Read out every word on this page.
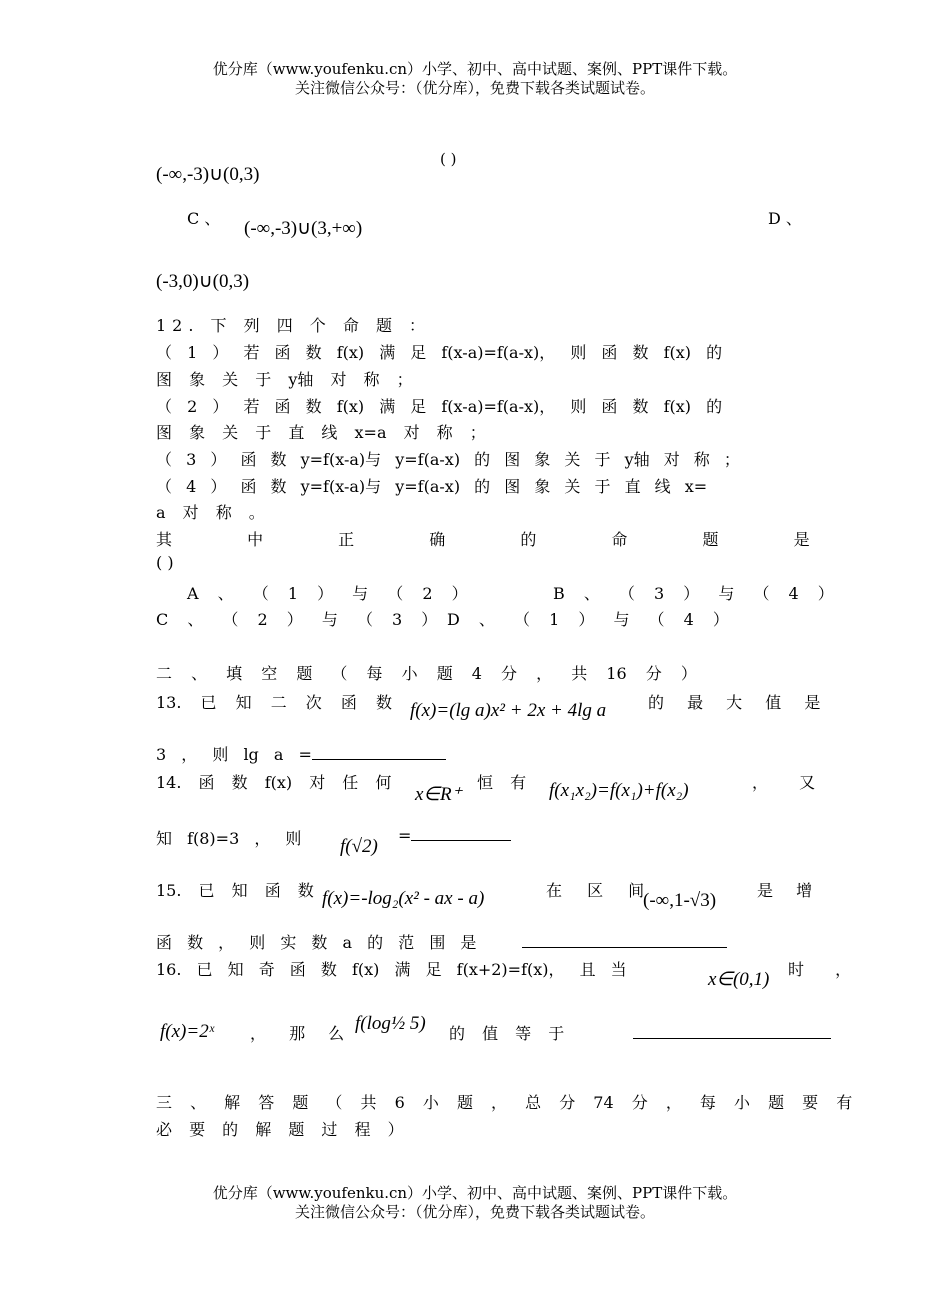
优分库（www.youfenku.cn）小学、初中、高中试题、案例、PPT课件下载。
关注微信公众号：（优分库），免费下载各类试题试卷。
( )
(-∞,-3)∪(0,3)
C 、 (-∞,-3)∪(3,+∞)	D 、
(-3,0)∪(0,3)
12. 下 列 四 个 命 题 ：
（ 1 ） 若 函 数 f(x) 满 足 f(x-a)=f(a-x)， 则 函 数 f(x) 的
图 象 关 于 y轴 对 称 ；
（ 2 ） 若 函 数 f(x) 满 足 f(x-a)=f(a-x)， 则 函 数 f(x) 的
图 象 关 于 直 线 x=a 对 称 ；
（ 3 ） 函 数 y=f(x-a)与 y=f(a-x) 的 图 象 关 于 y轴 对 称 ；
（ 4 ） 函 数 y=f(x-a)与 y=f(a-x) 的 图 象 关 于 直 线 x=
a 对 称 。
其 中 正 确 的 命 题 是
( )
A 、 （ 1 ） 与 （ 2 ）	B 、 （ 3 ） 与 （ 4 ）
C 、 （ 2 ） 与 （ 3 ） D 、 （ 1 ） 与 （ 4 ）
二 、 填 空 题 （ 每 小 题 4 分 ， 共 16 分 ）
13. 已 知 二 次 函 数 f(x)=(lg a)x² + 2x + 4lg a	的 最 大 值 是
3 ， 则 lg a =
14. 函 数 f(x) 对 任 何
x∈R⁺
恒 有 f(x₁x₂)=f(x₁)+f(x₂)	， 又
知 f(8)=3 ， 则 f(√2)
=
15. 已 知 函 数 f(x)=-log₂(x² - ax - a)	在 区 间
(-∞,1-√3)	是 增
函 数 ， 则 实 数 a 的 范 围 是
16. 已 知 奇 函 数 f(x) 满 足 f(x+2)=f(x)， 且 当	x∈(0,1) 时 ，
f(x)=2ˣ ， 那 么 f(log½ 5) 的 值 等 于
三 、 解 答 题 （ 共 6 小 题 ， 总 分 74 分 ， 每 小 题 要 有
必 要 的 解 题 过 程 ）
优分库（www.youfenku.cn）小学、初中、高中试题、案例、PPT课件下载。
关注微信公众号：（优分库），免费下载各类试题试卷。
